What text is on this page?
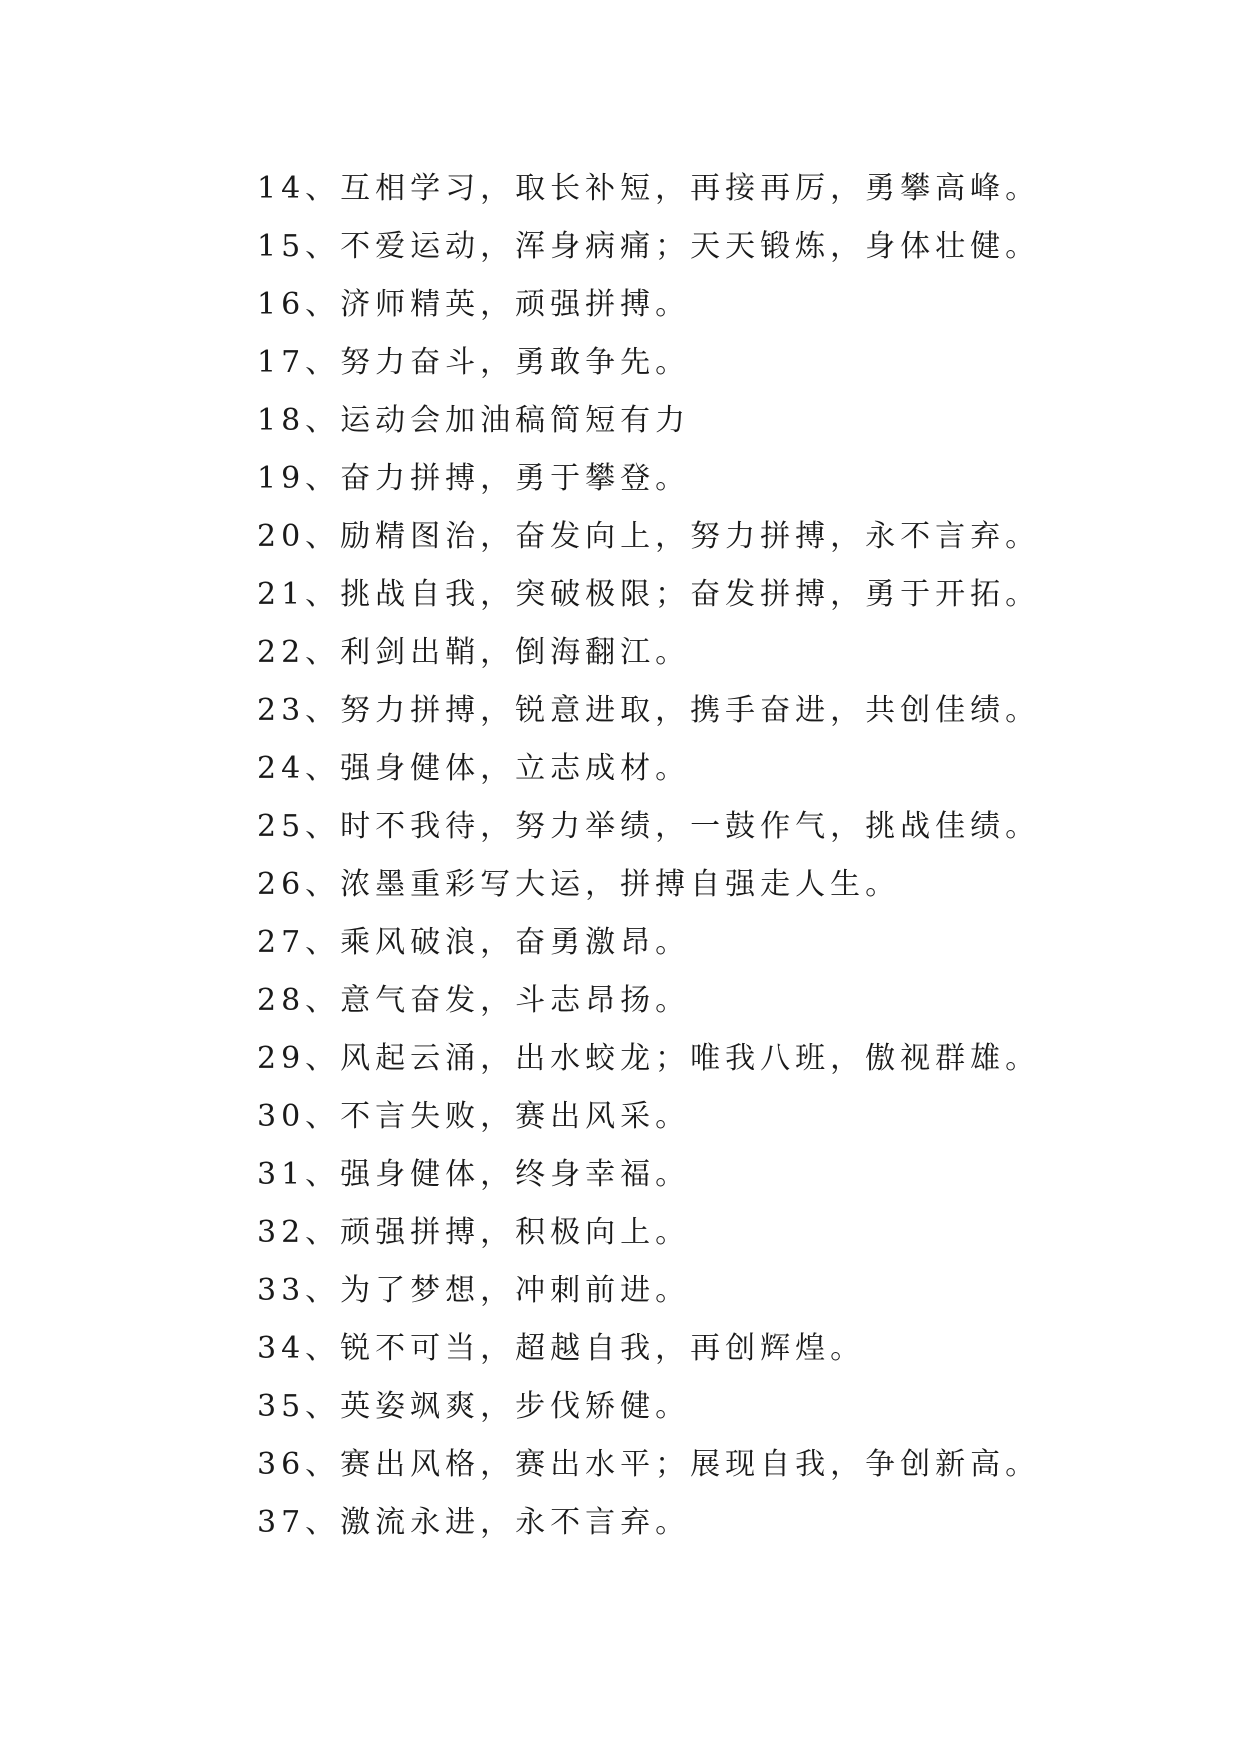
14、互相学习，取长补短，再接再厉，勇攀高峰。
15、不爱运动，浑身病痛；天天锻炼，身体壮健。
16、济师精英，顽强拼搏。
17、努力奋斗，勇敢争先。
18、运动会加油稿简短有力
19、奋力拼搏，勇于攀登。
20、励精图治，奋发向上，努力拼搏，永不言弃。
21、挑战自我，突破极限；奋发拼搏，勇于开拓。
22、利剑出鞘，倒海翻江。
23、努力拼搏，锐意进取，携手奋进，共创佳绩。
24、强身健体，立志成材。
25、时不我待，努力举绩，一鼓作气，挑战佳绩。
26、浓墨重彩写大运，拼搏自强走人生。
27、乘风破浪，奋勇激昂。
28、意气奋发，斗志昂扬。
29、风起云涌，出水蛟龙；唯我八班，傲视群雄。
30、不言失败，赛出风采。
31、强身健体，终身幸福。
32、顽强拼搏，积极向上。
33、为了梦想，冲刺前进。
34、锐不可当，超越自我，再创辉煌。
35、英姿飒爽，步伐矫健。
36、赛出风格，赛出水平；展现自我，争创新高。
37、激流永进，永不言弃。
